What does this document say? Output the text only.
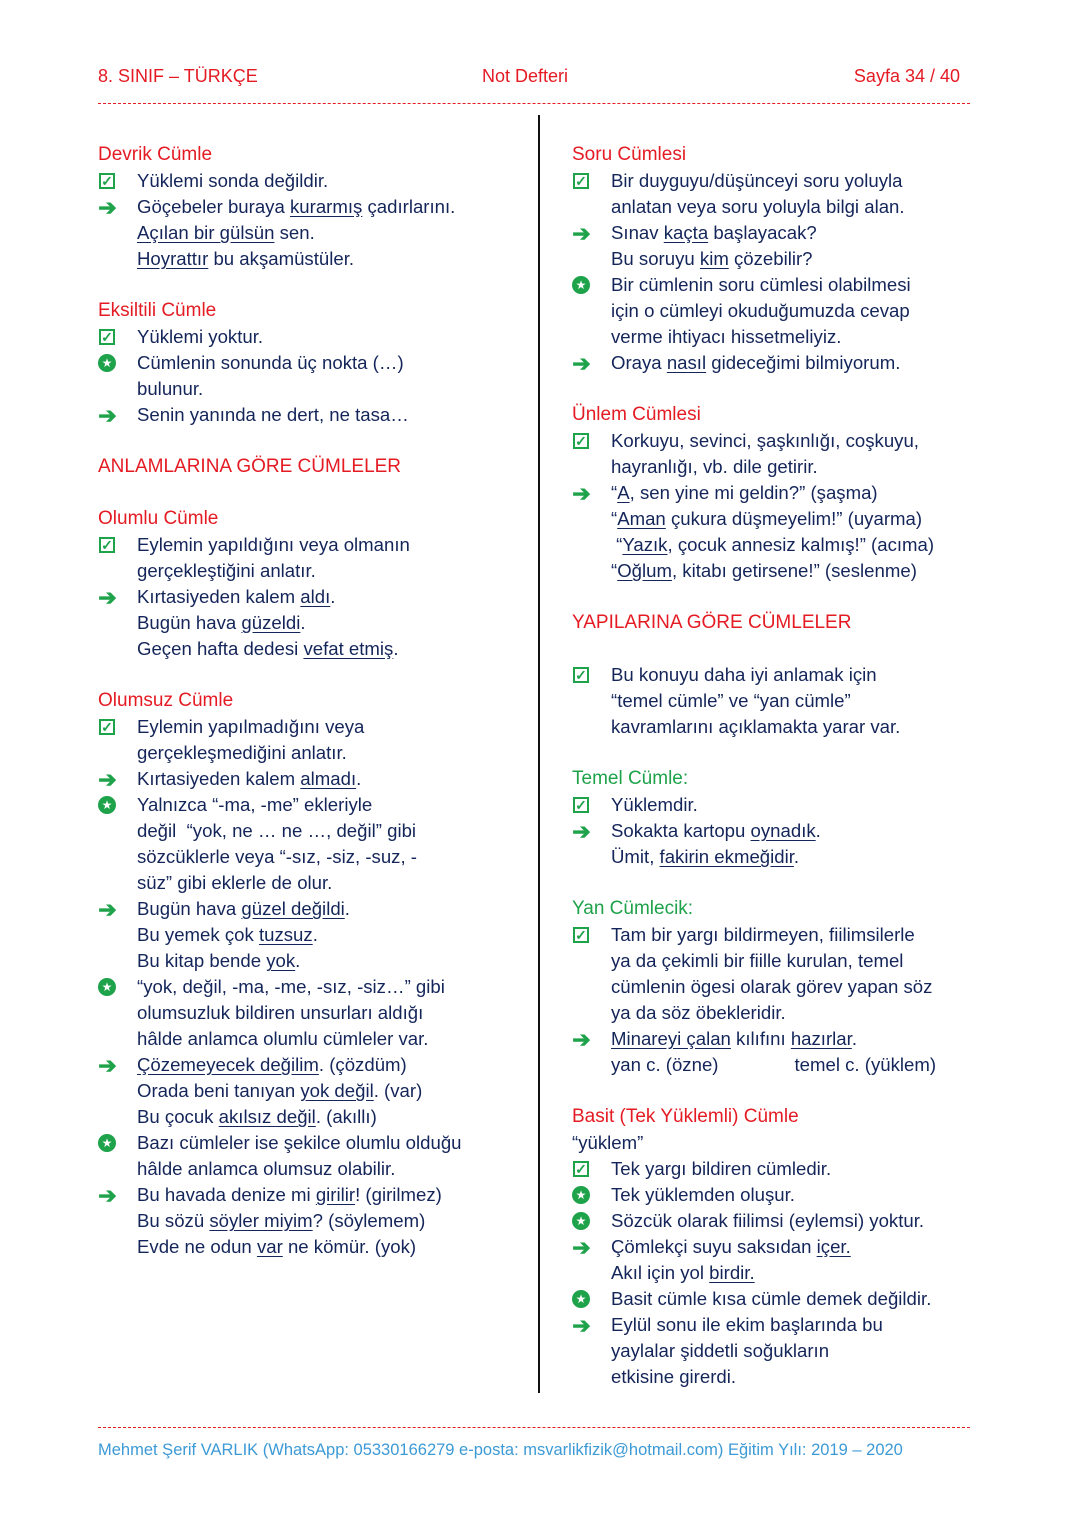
8. SINIF – TÜRKÇE	Not Defteri	Sayfa 34 / 40
Devrik Cümle
✓ Yüklemi sonda değildir.
➔ Göçebeler buraya kurarmış çadırlarını.
Açılan bir gülsün sen.
Hoyrattır bu akşamüstüler.
Eksiltili Cümle
✓ Yüklemi yoktur.
★ Cümlenin sonunda üç nokta (…)
bulunur.
➔ Senin yanında ne dert, ne tasa…
ANLAMLARINA GÖRE CÜMLELER
Olumlu Cümle
✓ Eylemin yapıldığını veya olmanın
gerçekleştiğini anlatır.
➔ Kırtasiyeden kalem aldı.
Bugün hava güzeldi.
Geçen hafta dedesi vefat etmiş.
Olumsuz Cümle
✓ Eylemin yapılmadığını veya
gerçekleşmediğini anlatır.
➔ Kırtasiyeden kalem almadı.
★ Yalnızca “-ma, -me” ekleriyle
değil  “yok, ne … ne …, değil” gibi
sözcüklerle veya “-sız, -siz, -suz, -
süz” gibi eklerle de olur.
➔ Bugün hava güzel değildi.
Bu yemek çok tuzsuz.
Bu kitap bende yok.
★ “yok, değil, -ma, -me, -sız, -siz…” gibi
olumsuzluk bildiren unsurları aldığı
hâlde anlamca olumlu cümleler var.
➔ Çözemeyecek değilim. (çözdüm)
Orada beni tanıyan yok değil. (var)
Bu çocuk akılsız değil. (akıllı)
★ Bazı cümleler ise şekilce olumlu olduğu
hâlde anlamca olumsuz olabilir.
➔ Bu havada denize mi girilir! (girilmez)
Bu sözü söyler miyim? (söylemem)
Evde ne odun var ne kömür. (yok)
Soru Cümlesi
✓ Bir duyguyu/düşünceyi soru yoluyla
anlatan veya soru yoluyla bilgi alan.
➔ Sınav kaçta başlayacak?
Bu soruyu kim çözebilir?
★ Bir cümlenin soru cümlesi olabilmesi
için o cümleyi okuduğumuzda cevap
verme ihtiyacı hissetmeliyiz.
➔ Oraya nasıl gideceğimi bilmiyorum.
Ünlem Cümlesi
✓ Korkuyu, sevinci, şaşkınlığı, coşkuyu,
hayranlığı, vb. dile getirir.
➔ “A, sen yine mi geldin?” (şaşma)
“Aman çukura düşmeyelim!” (uyarma)
“Yazık, çocuk annesiz kalmış!” (acıma)
“Oğlum, kitabı getirsene!” (seslenme)
YAPILARINA GÖRE CÜMLELER
✓ Bu konuyu daha iyi anlamak için
“temel cümle” ve “yan cümle”
kavramlarını açıklamakta yarar var.
Temel Cümle:
✓ Yüklemdir.
➔ Sokakta kartopu oynadık.
Ümit, fakirin ekmeğidir.
Yan Cümlecik:
✓ Tam bir yargı bildirmeyen, fiilimsilerle
ya da çekimli bir fiille kurulan, temel
cümlenin ögesi olarak görev yapan söz
ya da söz öbekleridir.
➔ Minareyi çalan kılıfını hazırlar.
yan c. (özne)	temel c. (yüklem)
Basit (Tek Yüklemli) Cümle
“yüklem”
✓ Tek yargı bildiren cümledir.
★ Tek yüklemden oluşur.
★ Sözcük olarak fiilimsi (eylemsi) yoktur.
➔ Çömlekçi suyu saksıdan içer.
Akıl için yol birdir.
★ Basit cümle kısa cümle demek değildir.
➔ Eylül sonu ile ekim başlarında bu
yaylalar şiddetli soğukların
etkisine girerdi.
Mehmet Şerif VARLIK (WhatsApp: 05330166279 e-posta: msvarlikfizik@hotmail.com) Eğitim Yılı: 2019 – 2020
